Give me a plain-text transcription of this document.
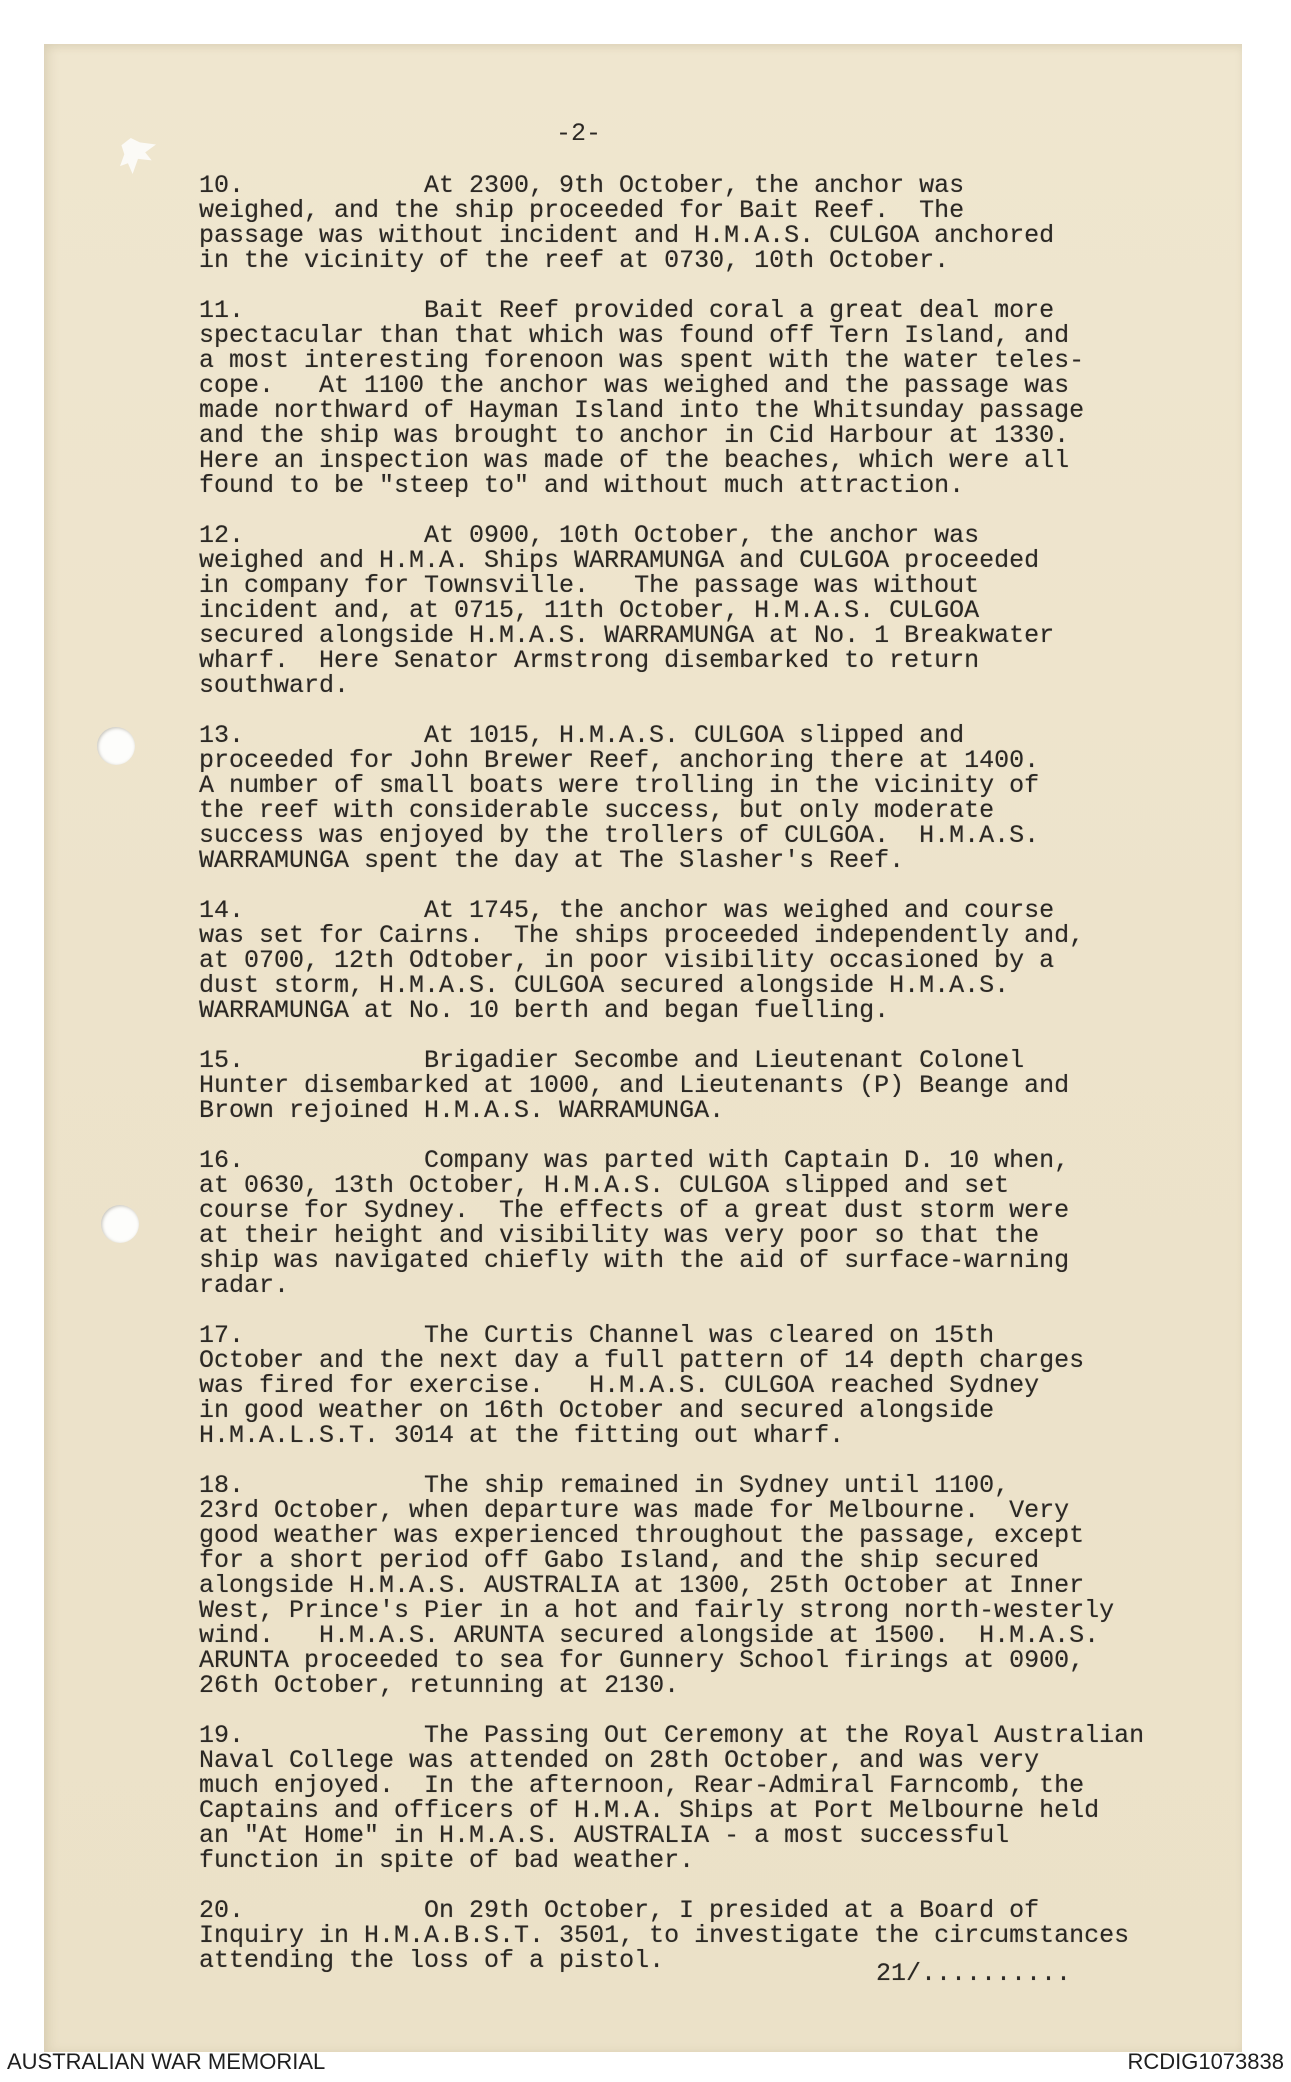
-2-
10.	At 2300, 9th October, the anchor was
weighed, and the ship proceeded for Bait Reef.  The
passage was without incident and H.M.A.S. CULGOA anchored
in the vicinity of the reef at 0730, 10th October.
11.	Bait Reef provided coral a great deal more
spectacular than that which was found off Tern Island, and
a most interesting forenoon was spent with the water teles-
cope.   At 1100 the anchor was weighed and the passage was
made northward of Hayman Island into the Whitsunday passage
and the ship was brought to anchor in Cid Harbour at 1330.
Here an inspection was made of the beaches, which were all
found to be "steep to" and without much attraction.
12.	At 0900, 10th October, the anchor was
weighed and H.M.A. Ships WARRAMUNGA and CULGOA proceeded
in company for Townsville.   The passage was without
incident and, at 0715, 11th October, H.M.A.S. CULGOA
secured alongside H.M.A.S. WARRAMUNGA at No. 1 Breakwater
wharf.  Here Senator Armstrong disembarked to return
southward.
13.	At 1015, H.M.A.S. CULGOA slipped and
proceeded for John Brewer Reef, anchoring there at 1400.
A number of small boats were trolling in the vicinity of
the reef with considerable success, but only moderate
success was enjoyed by the trollers of CULGOA.  H.M.A.S.
WARRAMUNGA spent the day at The Slasher's Reef.
14.	At 1745, the anchor was weighed and course
was set for Cairns.  The ships proceeded independently and,
at 0700, 12th Odtober, in poor visibility occasioned by a
dust storm, H.M.A.S. CULGOA secured alongside H.M.A.S.
WARRAMUNGA at No. 10 berth and began fuelling.
15.	Brigadier Secombe and Lieutenant Colonel
Hunter disembarked at 1000, and Lieutenants (P) Beange and
Brown rejoined H.M.A.S. WARRAMUNGA.
16.	Company was parted with Captain D. 10 when,
at 0630, 13th October, H.M.A.S. CULGOA slipped and set
course for Sydney.  The effects of a great dust storm were
at their height and visibility was very poor so that the
ship was navigated chiefly with the aid of surface-warning
radar.
17.	The Curtis Channel was cleared on 15th
October and the next day a full pattern of 14 depth charges
was fired for exercise.   H.M.A.S. CULGOA reached Sydney
in good weather on 16th October and secured alongside
H.M.A.L.S.T. 3014 at the fitting out wharf.
18.	The ship remained in Sydney until 1100,
23rd October, when departure was made for Melbourne.  Very
good weather was experienced throughout the passage, except
for a short period off Gabo Island, and the ship secured
alongside H.M.A.S. AUSTRALIA at 1300, 25th October at Inner
West, Prince's Pier in a hot and fairly strong north-westerly
wind.   H.M.A.S. ARUNTA secured alongside at 1500.  H.M.A.S.
ARUNTA proceeded to sea for Gunnery School firings at 0900,
26th October, retunning at 2130.
19.	The Passing Out Ceremony at the Royal Australian
Naval College was attended on 28th October, and was very
much enjoyed.  In the afternoon, Rear-Admiral Farncomb, the
Captains and officers of H.M.A. Ships at Port Melbourne held
an "At Home" in H.M.A.S. AUSTRALIA - a most successful
function in spite of bad weather.
20.	On 29th October, I presided at a Board of
Inquiry in H.M.A.B.S.T. 3501, to investigate the circumstances
attending the loss of a pistol.	21/..........
AUSTRALIAN WAR MEMORIAL	RCDIG1073838
